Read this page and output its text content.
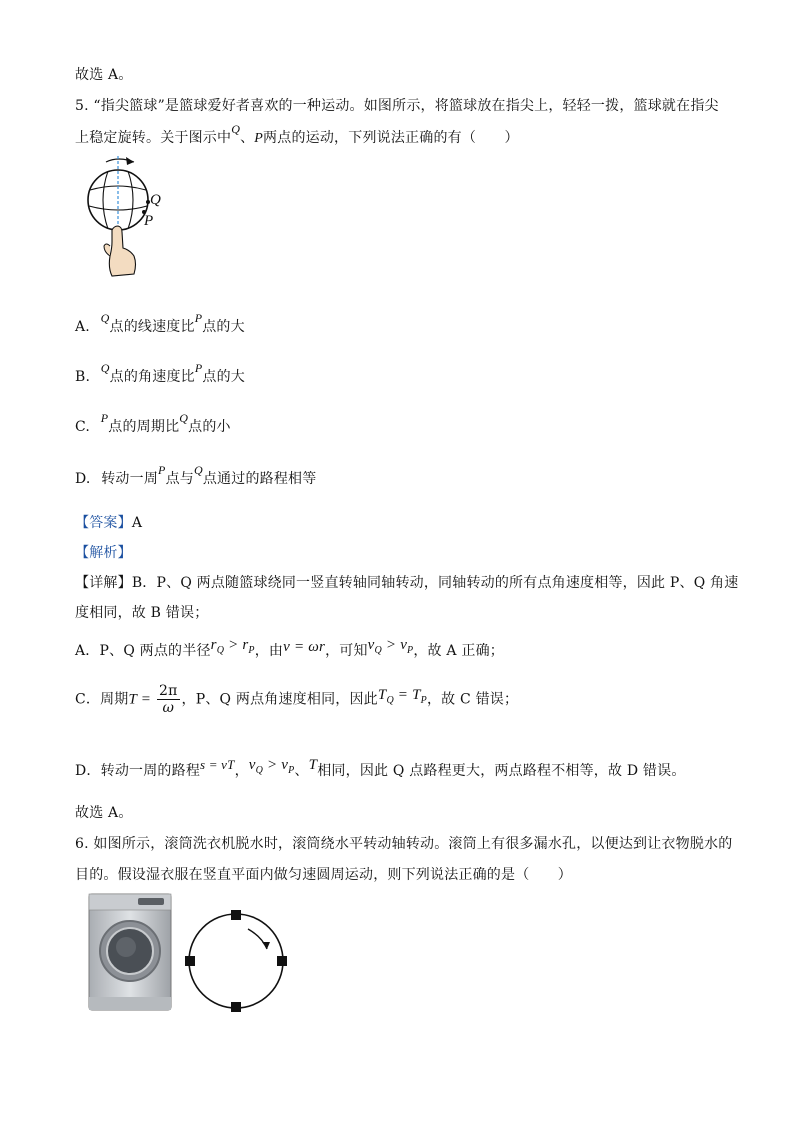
故选 A。
5. “指尖篮球”是篮球爱好者喜欢的一种运动。如图所示，将篮球放在指尖上，轻轻一拨，篮球就在指尖
上稳定旋转。关于图示中Q、P两点的运动，下列说法正确的有（　　）
Q
P
A. Q点的线速度比P点的大
B. Q点的角速度比P点的大
C. P点的周期比Q点的小
D. 转动一周P点与Q点通过的路程相等
【答案】A
【解析】
【详解】B．P、Q 两点随篮球绕同一竖直转轴同轴转动，同轴转动的所有点角速度相等，因此 P、Q 角速
度相同，故 B 错误；
A．P、Q 两点的半径$r_Q > r_P$，由v = ωr，可知$v_Q > v_P$，故 A 正确；
C．周期$T = \frac{2\pi}{\omega}$ ，P、Q 两点角速度相同，因此$T_Q = T_P$，故 C 错误；
D．转动一周的路程s = vT，$v_Q > v_P$、T相同，因此 Q 点路程更大，两点路程不相等，故 D 错误。
故选 A。
6. 如图所示，滚筒洗衣机脱水时，滚筒绕水平转动轴转动。滚筒上有很多漏水孔，以便达到让衣物脱水的
目的。假设湿衣服在竖直平面内做匀速圆周运动，则下列说法正确的是（　　）
